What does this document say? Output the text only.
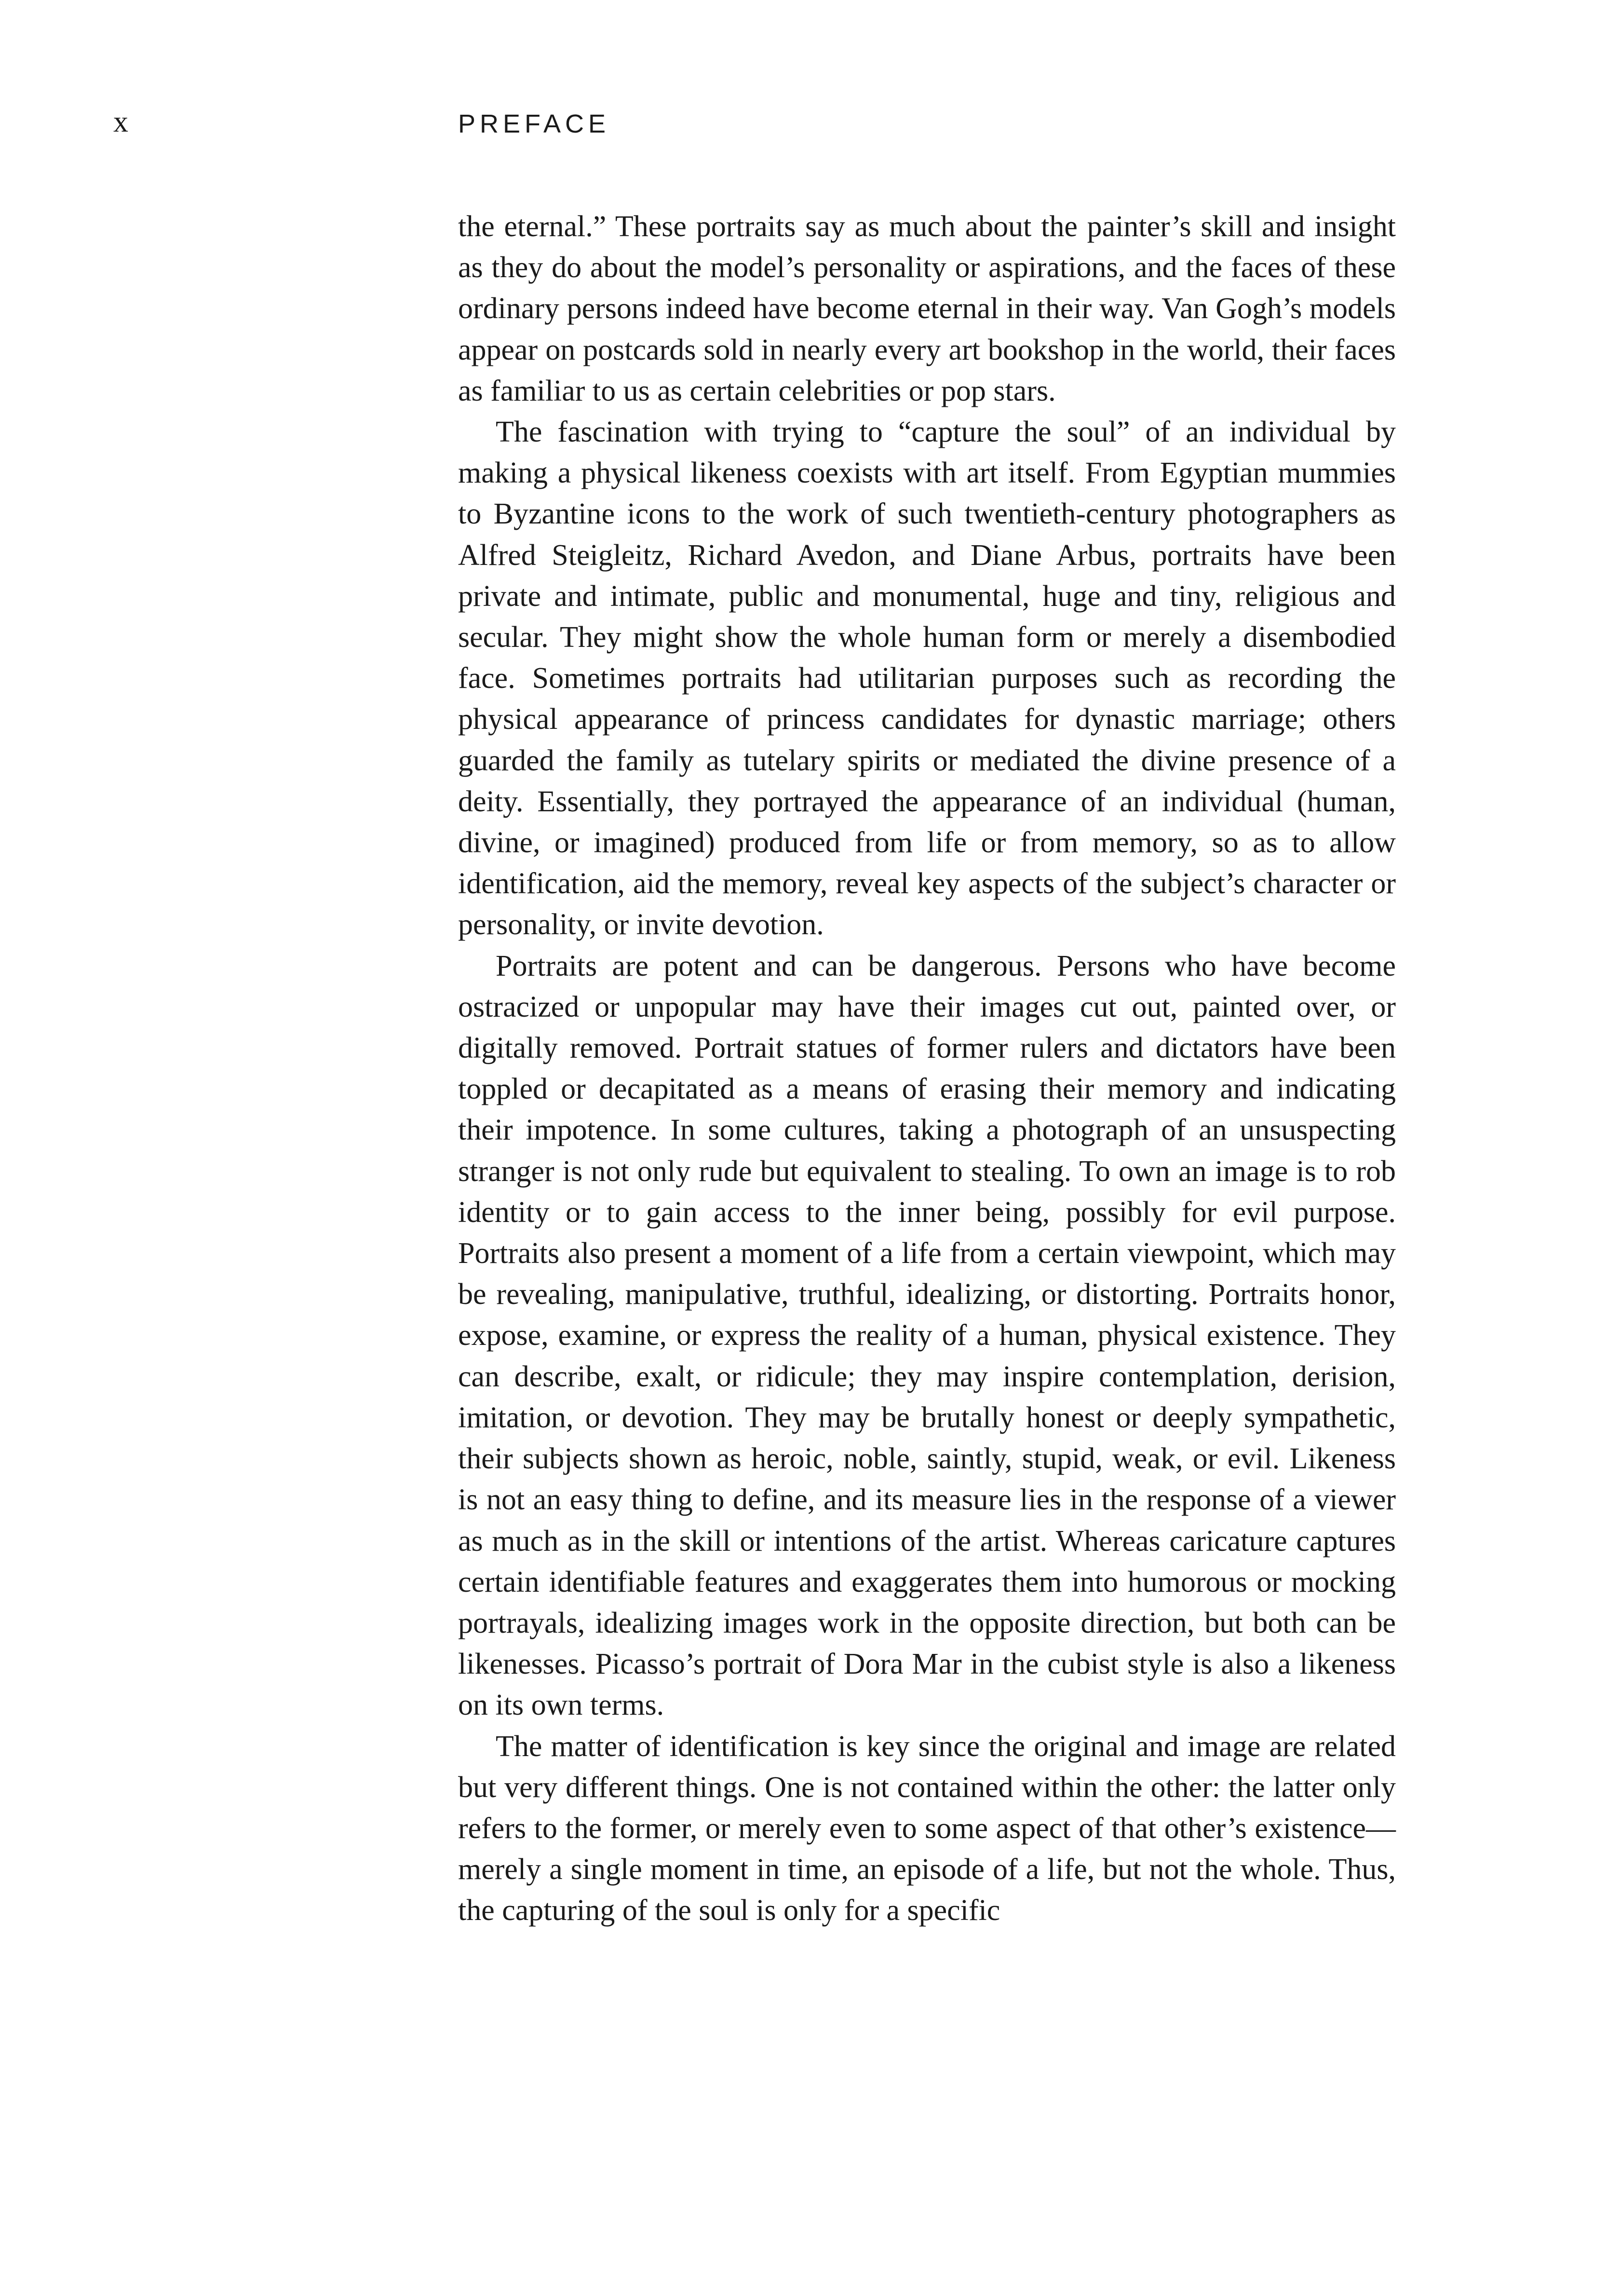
x	PREFACE

the eternal.” These portraits say as much about the painter’s skill and insight as they do about the model’s personality or aspirations, and the faces of these ordinary persons indeed have become eternal in their way. Van Gogh’s models appear on postcards sold in nearly every art bookshop in the world, their faces as familiar to us as certain celebrities or pop stars.

The fascination with trying to “capture the soul” of an individual by making a physical likeness coexists with art itself. From Egyptian mummies to Byzantine icons to the work of such twentieth-century photographers as Alfred Steigleitz, Richard Avedon, and Diane Arbus, portraits have been private and intimate, public and monumental, huge and tiny, religious and secular. They might show the whole human form or merely a disembodied face. Sometimes portraits had utilitarian purposes such as recording the physical appearance of princess candidates for dynastic marriage; others guarded the family as tutelary spirits or mediated the divine presence of a deity. Essentially, they portrayed the appearance of an individual (human, divine, or imagined) produced from life or from memory, so as to allow identification, aid the memory, reveal key aspects of the subject’s character or personality, or invite devotion.

Portraits are potent and can be dangerous. Persons who have become ostracized or unpopular may have their images cut out, painted over, or digitally removed. Portrait statues of former rulers and dictators have been toppled or decapitated as a means of erasing their memory and indicating their impotence. In some cultures, taking a photograph of an unsuspecting stranger is not only rude but equivalent to stealing. To own an image is to rob identity or to gain access to the inner being, possibly for evil purpose. Portraits also present a moment of a life from a certain viewpoint, which may be revealing, manipulative, truthful, idealizing, or distorting. Portraits honor, expose, examine, or express the reality of a human, physical existence. They can describe, exalt, or ridicule; they may inspire contemplation, derision, imitation, or devotion. They may be brutally honest or deeply sympathetic, their subjects shown as heroic, noble, saintly, stupid, weak, or evil. Likeness is not an easy thing to define, and its measure lies in the response of a viewer as much as in the skill or intentions of the artist. Whereas caricature captures certain identifiable features and exaggerates them into humorous or mocking portrayals, idealizing images work in the opposite direction, but both can be likenesses. Picasso’s portrait of Dora Mar in the cubist style is also a likeness on its own terms.

The matter of identification is key since the original and image are related but very different things. One is not contained within the other: the latter only refers to the former, or merely even to some aspect of that other’s existence—merely a single moment in time, an episode of a life, but not the whole. Thus, the capturing of the soul is only for a specific
